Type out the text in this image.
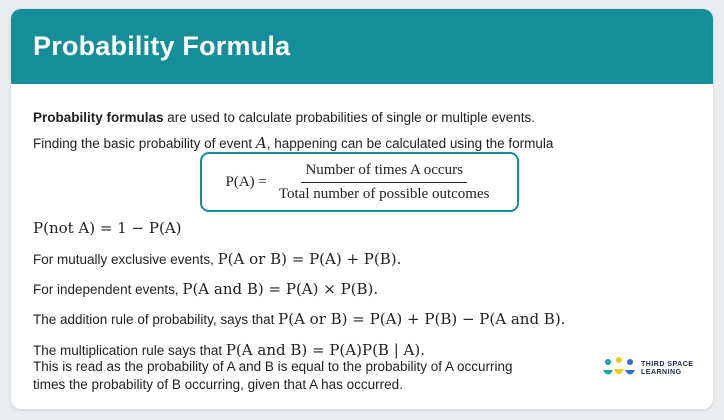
Probability Formula
Probability formulas are used to calculate probabilities of single or multiple events.
Finding the basic probability of event A, happening can be calculated using the formula
$P(A) = \frac{\text{Number of times A occurs}}{\text{Total number of possible outcomes}}$
P(not A) = 1 − P(A)
For mutually exclusive events, P(A or B) = P(A) + P(B).
For independent events, P(A and B) = P(A) × P(B).
The addition rule of probability, says that P(A or B) = P(A) + P(B) − P(A and B).
The multiplication rule says that P(A and B) = P(A)P(B | A).
This is read as the probability of A and B is equal to the probability of A occurring
times the probability of B occurring, given that A has occurred.
THIRD SPACE
LEARNING
